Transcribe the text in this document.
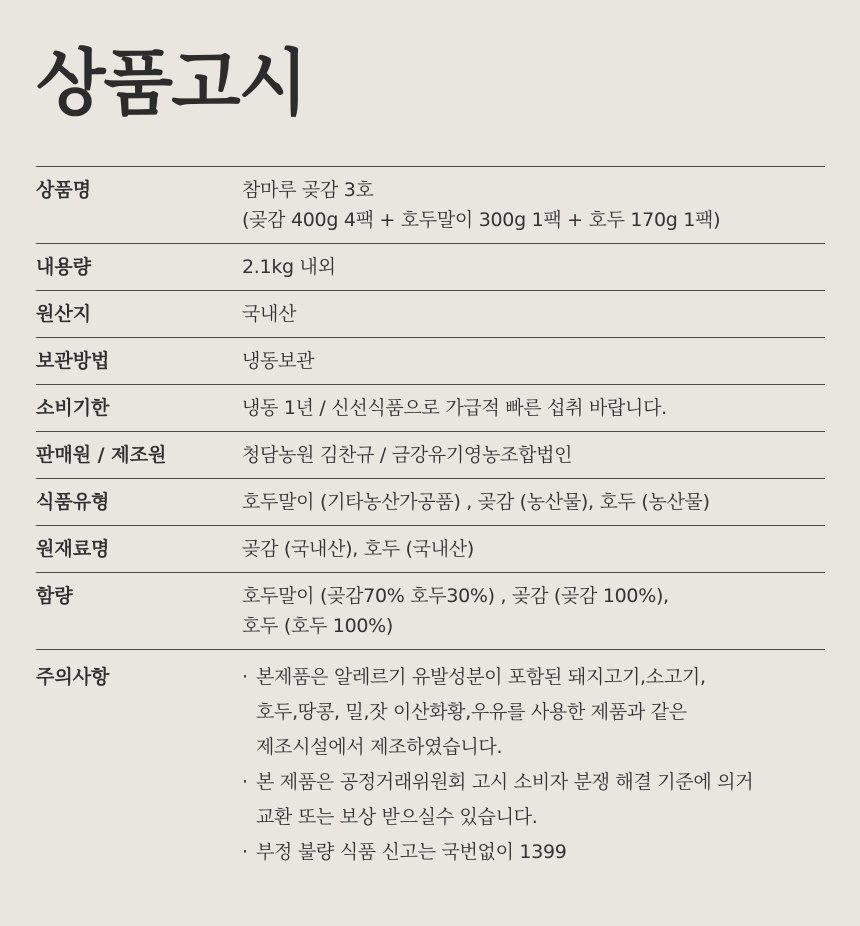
상품고시
상품명	참마루 곶감 3호
(곶감 400g 4팩 + 호두말이 300g 1팩 + 호두 170g 1팩)
내용량	2.1kg 내외
원산지	국내산
보관방법	냉동보관
소비기한	냉동 1년 / 신선식품으로 가급적 빠른 섭취 바랍니다.
판매원 / 제조원	청담농원 김찬규 / 금강유기영농조합법인
식품유형	호두말이 (기타농산가공품) , 곶감 (농산물), 호두 (농산물)
원재료명	곶감 (국내산), 호두 (국내산)
함량	호두말이 (곶감70% 호두30%) , 곶감 (곶감 100%),
호두 (호두 100%)
주의사항	· 본제품은 알레르기 유발성분이 포함된 돼지고기,소고기,
호두,땅콩, 밀,잣 이산화황,우유를 사용한 제품과 같은
제조시설에서 제조하였습니다.
· 본 제품은 공정거래위원회 고시 소비자 분쟁 해결 기준에 의거
교환 또는 보상 받으실수 있습니다.
· 부정 불량 식품 신고는 국번없이 1399
